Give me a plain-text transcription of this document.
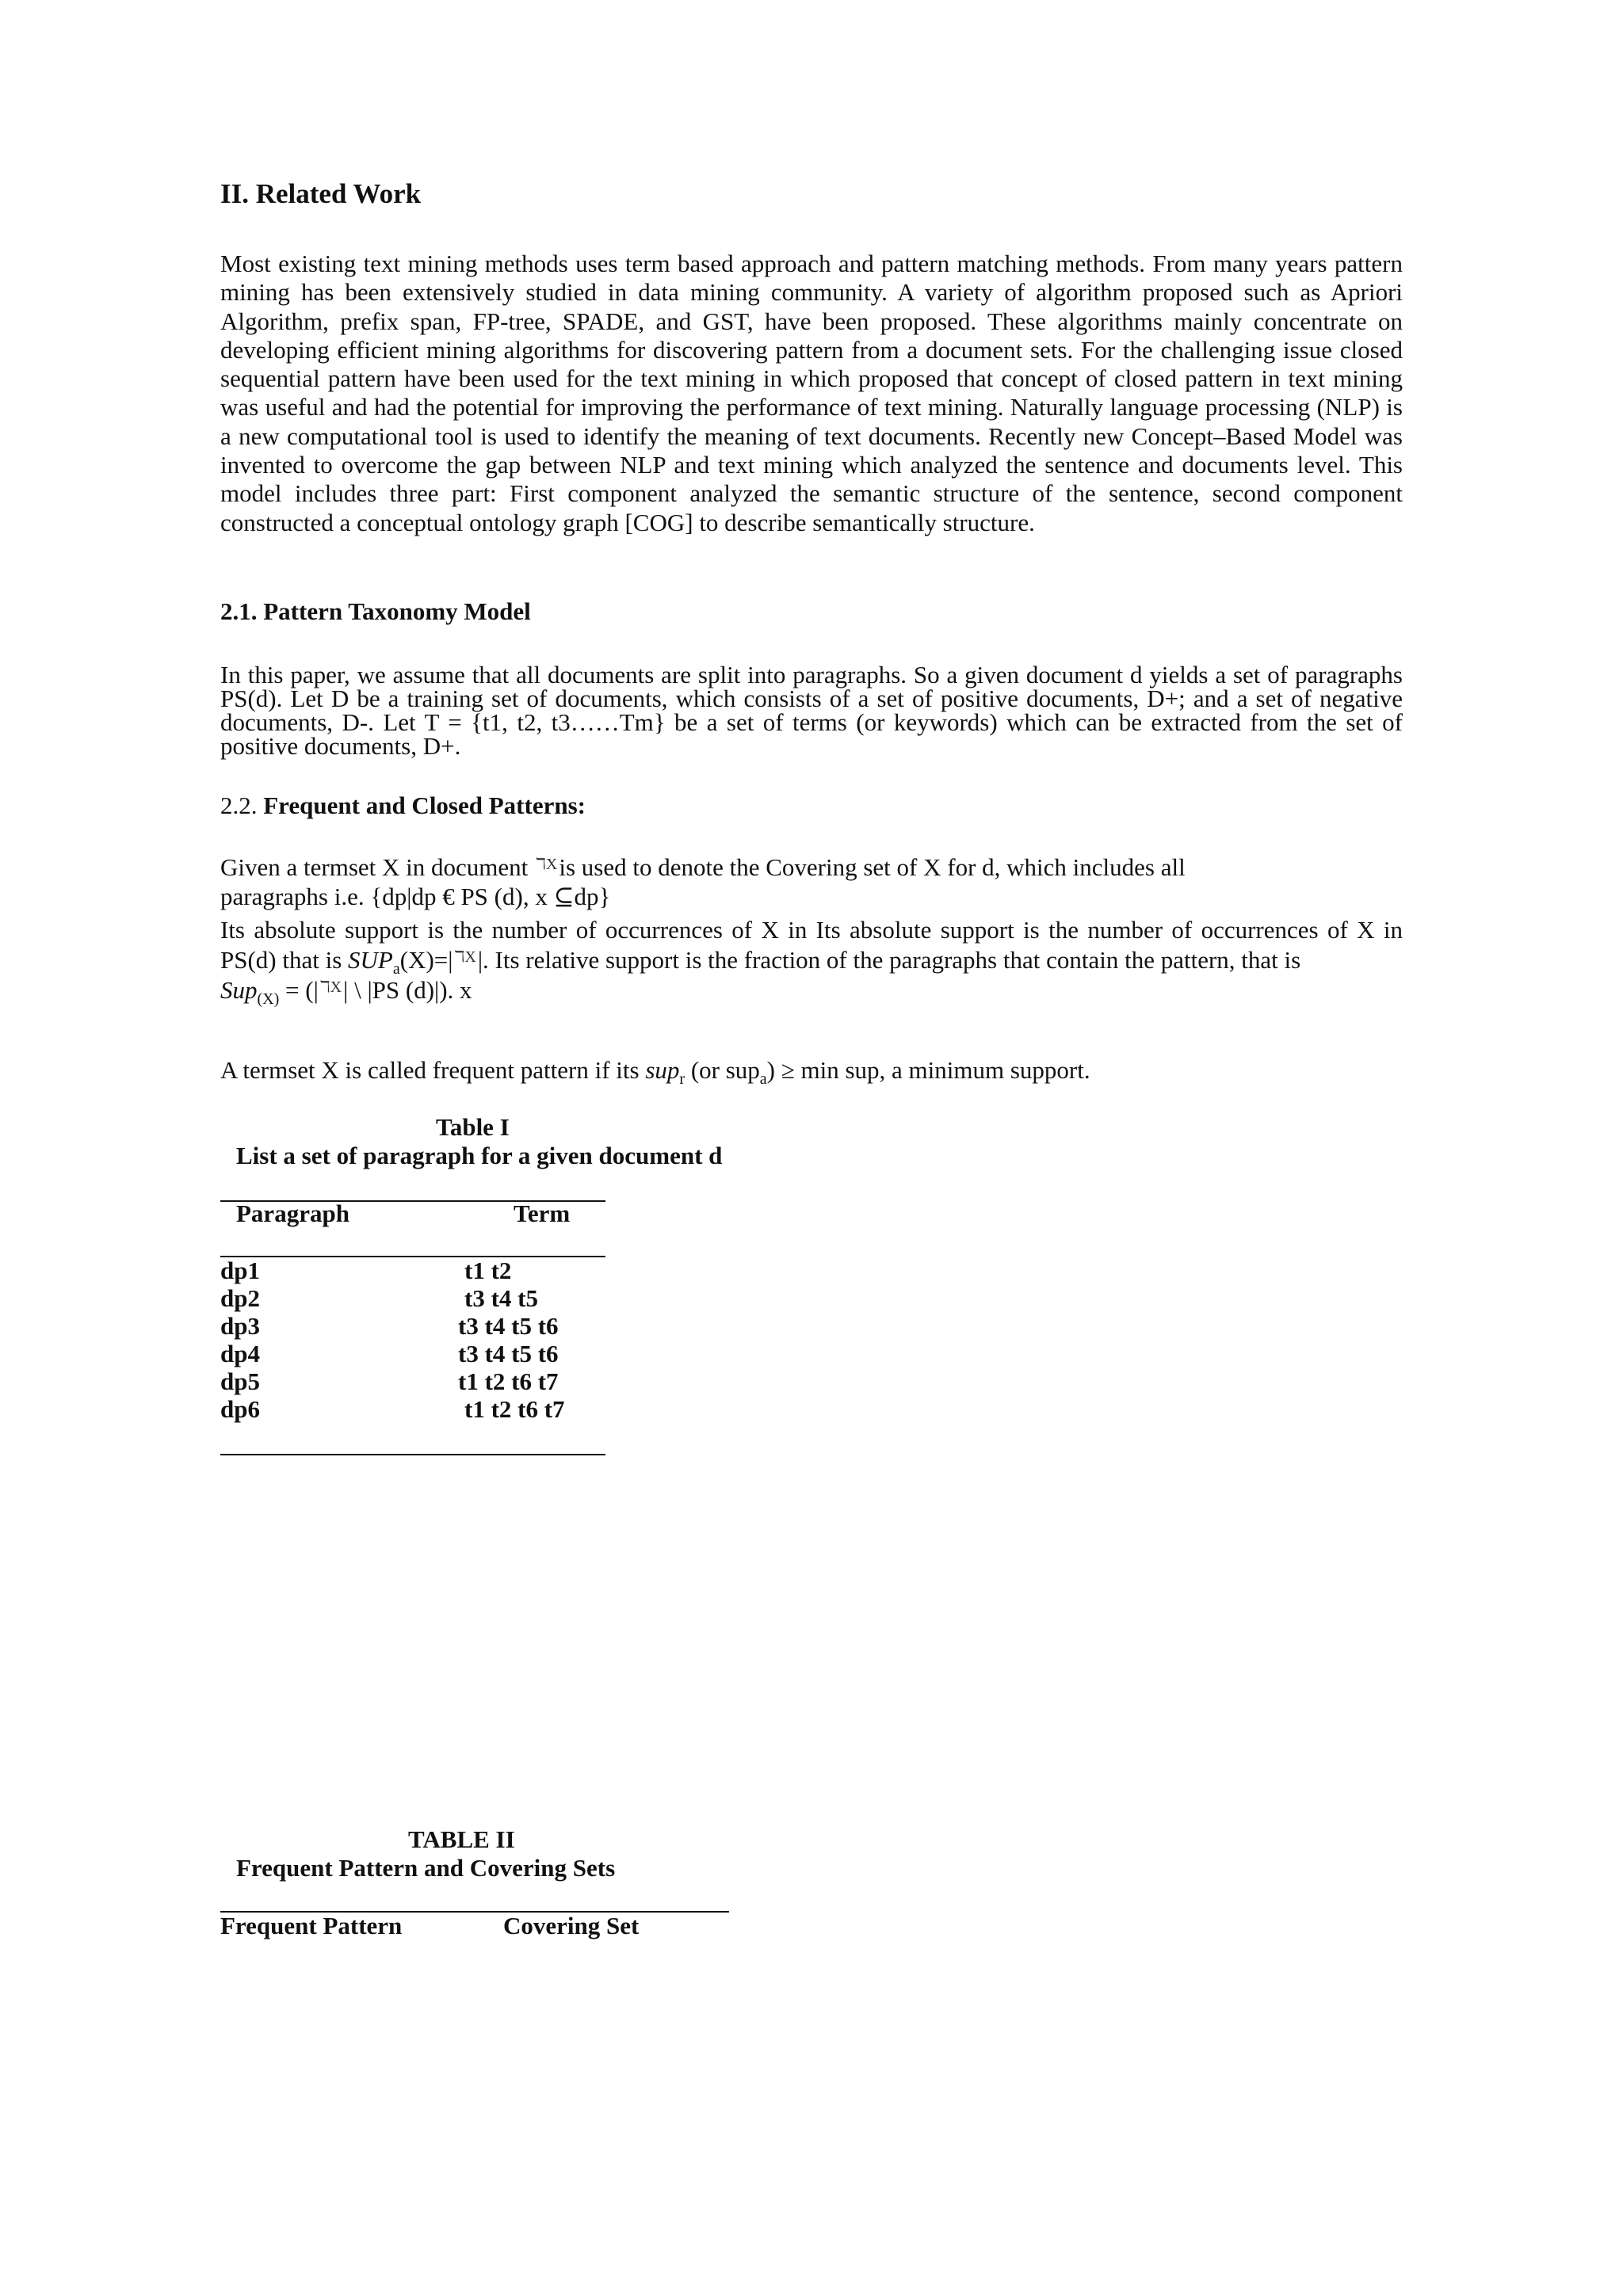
II. Related Work
Most existing text mining methods uses term based approach and pattern matching methods. From many years pattern mining has been extensively studied in data mining community. A variety of algorithm proposed such as Apriori Algorithm, prefix span, FP-tree, SPADE, and GST, have been proposed. These algorithms mainly concentrate on developing efficient mining algorithms for discovering pattern from a document sets. For the challenging issue closed sequential pattern have been used for the text mining in which proposed that concept of closed pattern in text mining was useful and had the potential for improving the performance of text mining. Naturally language processing (NLP) is a new computational tool is used to identify the meaning of text documents. Recently new Concept–Based Model was invented to overcome the gap between NLP and text mining which analyzed the sentence and documents level. This model includes three part: First component analyzed the semantic structure of the sentence, second component constructed a conceptual ontology graph [COG] to describe semantically structure.
2.1. Pattern Taxonomy Model
In this paper, we assume that all documents are split into paragraphs. So a given document d yields a set of paragraphs PS(d). Let D be a training set of documents, which consists of a set of positive documents, D+; and a set of negative documents, D-. Let T = {t1, t2, t3……Tm} be a set of terms (or keywords) which can be extracted from the set of positive documents, D+.
2.2. Frequent and Closed Patterns:
Given a termset X in document ℸXis used to denote the Covering set of X for d, which includes all
paragraphs i.e. {dp|dp € PS (d), x ⊆dp}
Its absolute support is the number of occurrences of X in Its absolute support is the number of occurrences of X in PS(d) that is $SUP_a(X)=|$ ℸX|. Its relative support is the fraction of the paragraphs that contain the pattern, that is
Sup$_{(X)}$ = (| ℸX| \ |PS (d)|). x
A termset X is called frequent pattern if its sup$_r$ (or sup$_a$) ≥ min sup, a minimum support.
Table I
List a set of paragraph for a given document d
Paragraph	Term
dp1	t1 t2
dp2	t3 t4 t5
dp3	t3 t4 t5 t6
dp4	t3 t4 t5 t6
dp5	t1 t2 t6 t7
dp6	t1 t2 t6 t7
TABLE II
Frequent Pattern and Covering Sets
Frequent Pattern	Covering Set
